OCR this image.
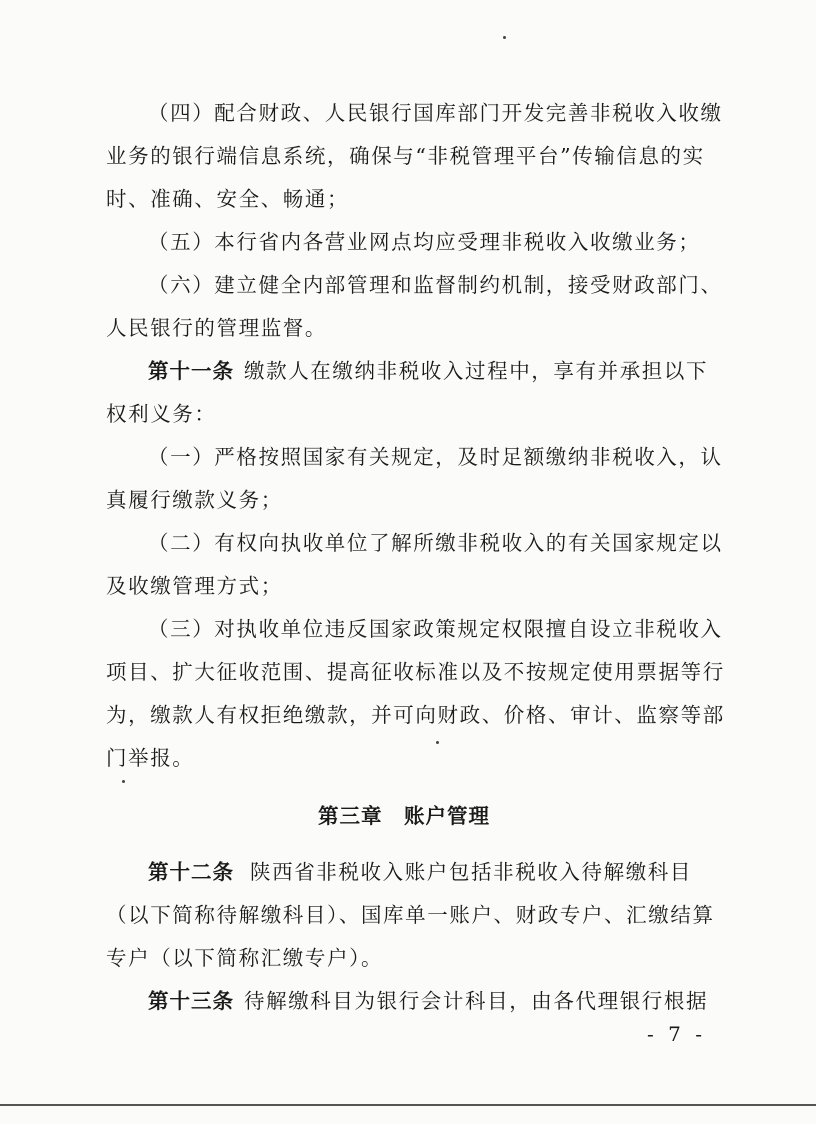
（四）配合财政、人民银行国库部门开发完善非税收入收缴
业务的银行端信息系统，确保与“非税管理平台”传输信息的实
时、准确、安全、畅通；
（五）本行省内各营业网点均应受理非税收入收缴业务；
（六）建立健全内部管理和监督制约机制，接受财政部门、
人民银行的管理监督。
第十一条 缴款人在缴纳非税收入过程中，享有并承担以下
权利义务：
（一）严格按照国家有关规定，及时足额缴纳非税收入，认
真履行缴款义务；
（二）有权向执收单位了解所缴非税收入的有关国家规定以
及收缴管理方式；
（三）对执收单位违反国家政策规定权限擅自设立非税收入
项目、扩大征收范围、提高征收标准以及不按规定使用票据等行
为，缴款人有权拒绝缴款，并可向财政、价格、审计、监察等部
门举报。
第三章　账户管理
第十二条 陕西省非税收入账户包括非税收入待解缴科目
（以下简称待解缴科目）、国库单一账户、财政专户、汇缴结算
专户（以下简称汇缴专户）。
第十三条 待解缴科目为银行会计科目，由各代理银行根据
- 7 -
